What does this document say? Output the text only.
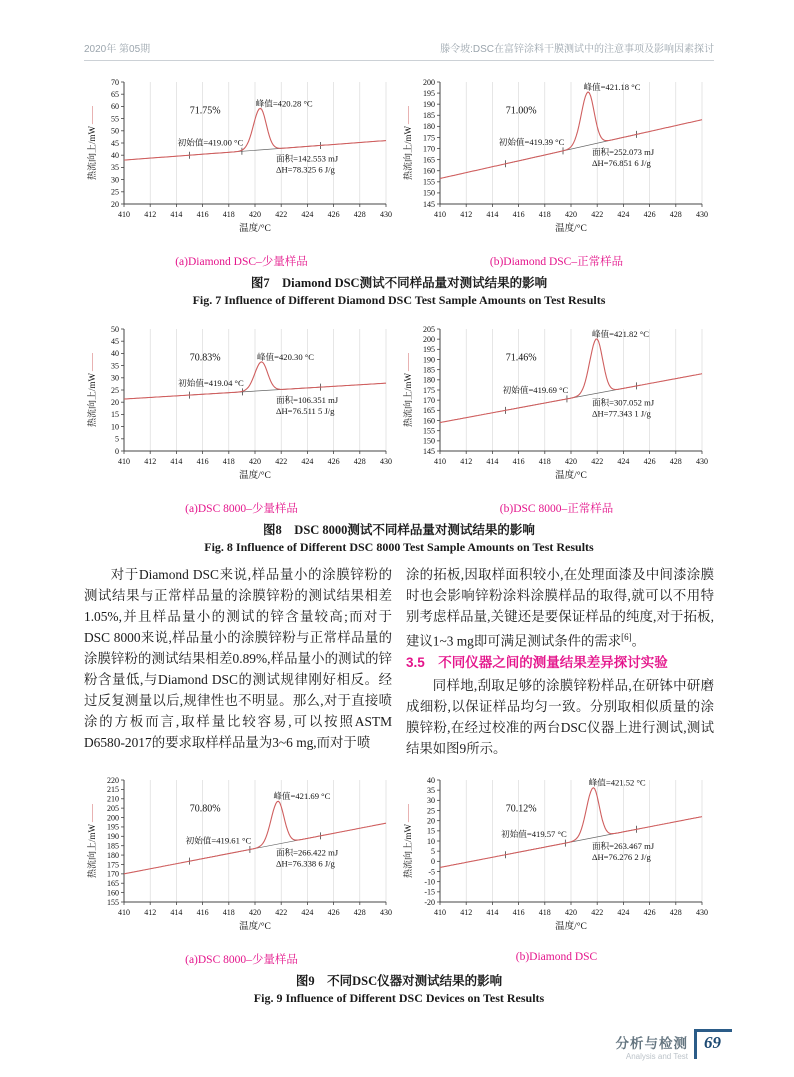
2020年 第05期	滕令坡:DSC在富锌涂料干膜测试中的注意事项及影响因素探讨
20
25
30
35
40
45
50
55
60
65
70
410 412 414 416 418 420 422 424 426 428 430
温度/°C
热流向上/mW ——	71.75%
峰值=420.28 °C
初始值=419.00 °C
面积=142.553 mJ
ΔH=78.325 6 J/g
145
150
155
160
165
170
175
180
185
190
195
200
410 412 414 416 418 420 422 424 426 428 430
温度/°C
热流向上/mW ——	71.00%
峰值=421.18 °C
初始值=419.39 °C
面积=252.073 mJ
ΔH=76.851 6 J/g
(a)Diamond DSC–少量样品	(b)Diamond DSC–正常样品
图7　Diamond DSC测试不同样品量对测试结果的影响
Fig. 7 Influence of Different Diamond DSC Test Sample Amounts on Test Results
0
5
10
15
20
25
30
35
40
45
50
410 412 414 416 418 420 422 424 426 428 430
温度/°C
热流向上/mW ——	70.83%	峰值=420.30 °C
初始值=419.04 °C
面积=106.351 mJ
ΔH=76.511 5 J/g
145
150
155
160
165
170
175
180
185
190
195
200
205
410 412 414 416 418 420 422 424 426 428 430
温度/°C
热流向上/mW ——	71.46%
峰值=421.82 °C
初始值=419.69 °C
面积=307.052 mJ
ΔH=77.343 1 J/g
(a)DSC 8000–少量样品	(b)DSC 8000–正常样品
图8　DSC 8000测试不同样品量对测试结果的影响
Fig. 8 Influence of Different DSC 8000 Test Sample Amounts on Test Results

对于Diamond DSC来说,样品量小的涂膜锌粉的测试结果与正常样品量的涂膜锌粉的测试结果相差1.05%,并且样品量小的测试的锌含量较高;而对于DSC 8000来说,样品量小的涂膜锌粉与正常样品量的涂膜锌粉的测试结果相差0.89%,样品量小的测试的锌粉含量低,与Diamond DSC的测试规律刚好相反。经过反复测量以后,规律性也不明显。那么,对于直接喷涂的方板而言,取样量比较容易,可以按照ASTM D6580-2017的要求取样样品量为3~6 mg,而对于喷

涂的拓板,因取样面积较小,在处理面漆及中间漆涂膜时也会影响锌粉涂料涂膜样品的取得,就可以不用特别考虑样品量,关键还是要保证样品的纯度,对于拓板,建议1~3 mg即可满足测试条件的需求[6]。

3.5　不同仪器之间的测量结果差异探讨实验

同样地,刮取足够的涂膜锌粉样品,在研钵中研磨成细粉,以保证样品均匀一致。分别取相似质量的涂膜锌粉,在经过校准的两台DSC仪器上进行测试,测试结果如图9所示。

155
160
165
170
175
180
185
190
195
200
205
210
215
220
410 412 414 416 418 420 422 424 426 428 430
温度/°C
热流向上/mW ——	70.80%
峰值=421.69 °C
初始值=419.61 °C
面积=266.422 mJ
ΔH=76.338 6 J/g
-20
-15
-10
-5
0
5
10
15
20
25
30
35
40
410 412 414 416 418 420 422 424 426 428 430
温度/°C
热流向上/mW ——	70.12%
峰值=421.52 °C
初始值=419.57 °C
面积=263.467 mJ
ΔH=76.276 2 J/g
(a)DSC 8000–少量样品	(b)Diamond DSC
图9　不同DSC仪器对测试结果的影响
Fig. 9 Influence of Different DSC Devices on Test Results
分析与检测
Analysis and Test
69
